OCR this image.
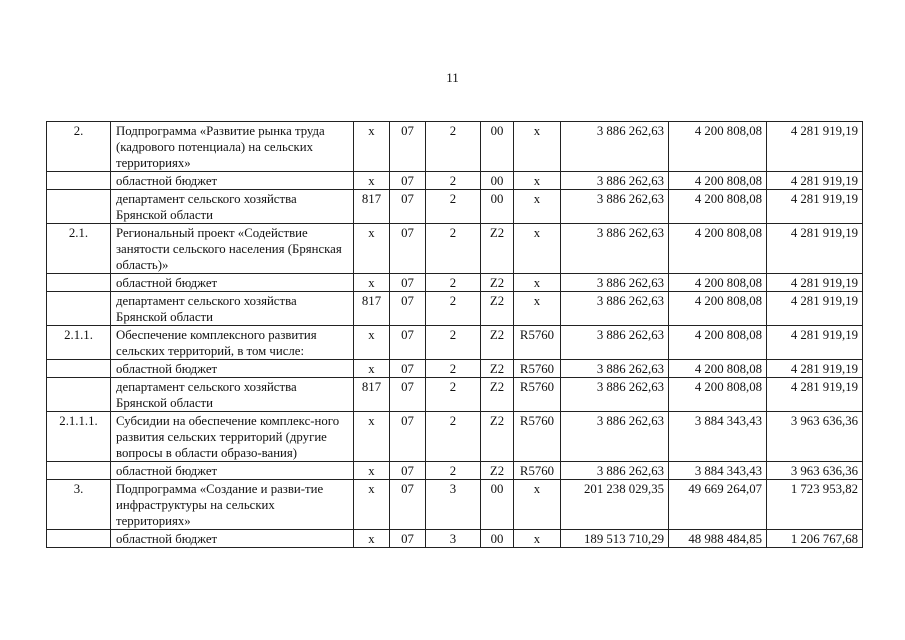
11
2.	Подпрограмма «Развитие рынка труда (кадрового потенциала) на сельских территориях»	х	07	2	00	х	3 886 262,63	4 200 808,08	4 281 919,19
	областной бюджет	х	07	2	00	х	3 886 262,63	4 200 808,08	4 281 919,19
	департамент сельского хозяйства Брянской области	817	07	2	00	х	3 886 262,63	4 200 808,08	4 281 919,19
2.1.	Региональный проект «Содействие занятости сельского населения (Брянская область)»	х	07	2	Z2	х	3 886 262,63	4 200 808,08	4 281 919,19
	областной бюджет	х	07	2	Z2	х	3 886 262,63	4 200 808,08	4 281 919,19
	департамент сельского хозяйства Брянской области	817	07	2	Z2	х	3 886 262,63	4 200 808,08	4 281 919,19
2.1.1.	Обеспечение комплексного развития сельских территорий, в том числе:	х	07	2	Z2	R5760	3 886 262,63	4 200 808,08	4 281 919,19
	областной бюджет	х	07	2	Z2	R5760	3 886 262,63	4 200 808,08	4 281 919,19
	департамент сельского хозяйства Брянской области	817	07	2	Z2	R5760	3 886 262,63	4 200 808,08	4 281 919,19
2.1.1.1.	Субсидии на обеспечение комплекс-ного развития сельских территорий (другие вопросы в области образо-вания)	х	07	2	Z2	R5760	3 886 262,63	3 884 343,43	3 963 636,36
	областной бюджет	х	07	2	Z2	R5760	3 886 262,63	3 884 343,43	3 963 636,36
3.	Подпрограмма «Создание и разви-тие инфраструктуры на сельских территориях»	х	07	3	00	х	201 238 029,35	49 669 264,07	1 723 953,82
	областной бюджет	х	07	3	00	х	189 513 710,29	48 988 484,85	1 206 767,68
